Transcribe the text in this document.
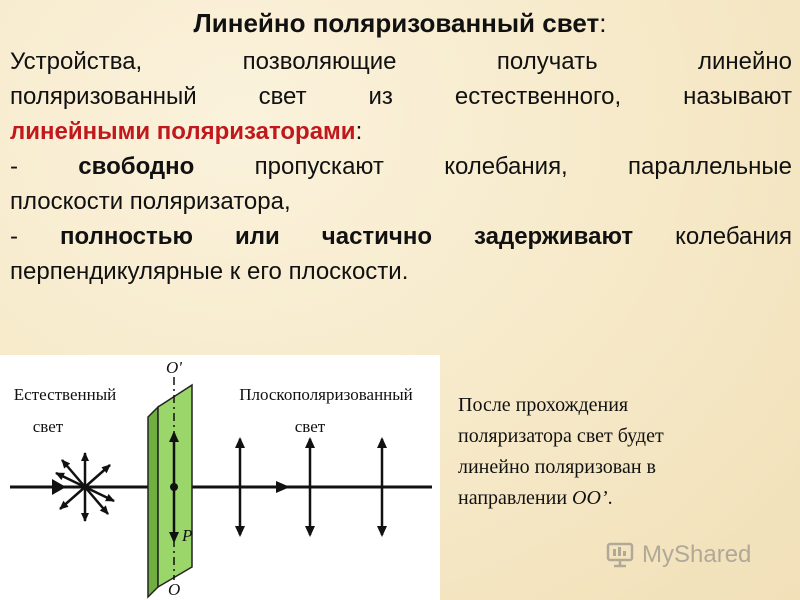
Линейно поляризованный свет:
Устройства, позволяющие получать линейно
поляризованный свет из естественного, называют
линейными поляризаторами:
- свободно	пропускают колебания, параллельные
плоскости поляризатора,
- полностью или частично задерживают колебания
перпендикулярные к его плоскости.
Естественный
свет
Плоскополяризованный
свет
O'
O
P
После прохождения
поляризатора свет будет
линейно поляризован в
направлении OO’.
MyShared
